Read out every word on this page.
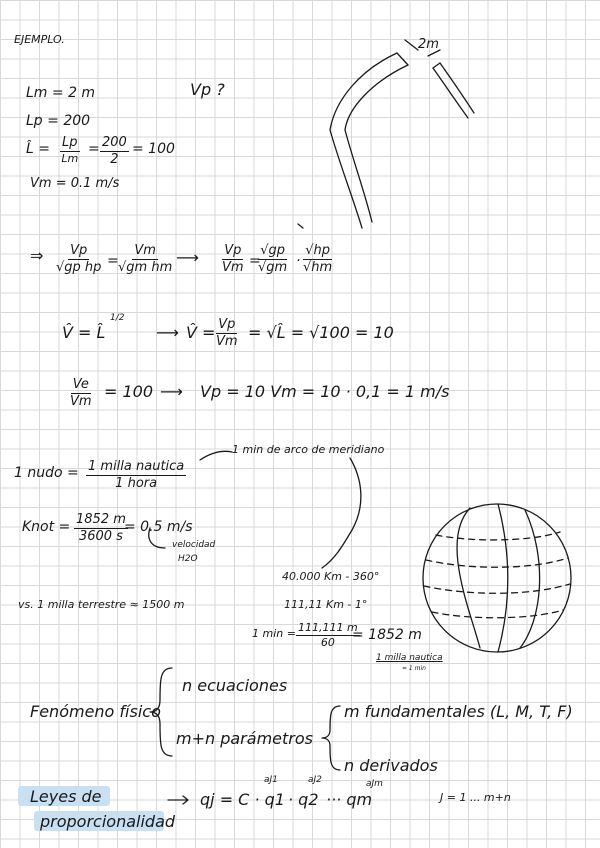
EJEMPLO.
Lm = 2 m
Lp = 200
L̂ = Lp
Lm
= $\frac{200}{2} = 100$
Vm = 0.1 m/s
Vp ?
2m
⇒ $\frac{Vp}{\text{√gp hp}} = \frac{Vm}{\text{√gm hm}}$ ⟶ $\frac{Vp}{Vm}$ =
$\frac{√gp}{√gm} \cdot \frac{√hp}{√hm}$
V̂ = L̂
1/2
⟶ V̂ = $\frac{Vp}{Vm}$ = √L̂ = √100 = 10
$\frac{Ve}{Vm} = 100$ ⟶ Vp = 10 Vm = 10 · 0,1 = 1 m/s
1 min de arco de meridiano
1 nudo = 1 milla nautica
1 hora
Knot = $\frac{1852 m}{3600 s}$
= 0.5 m/s
velocidad
H2O
vs. 1 milla terrestre ≈ 1500 m
40.000 Km - 360°
111,11 Km - 1°
1 $\min = \frac{111,111 m}{60}$
= 1852 m
1 milla nautica
= 1 min
Fenómeno físico
n ecuaciones
m+n parámetros
m fundamentales (L, M, T, F)
n derivados
Leyes de
proporcionalidad
qj = C · q1
aJ1
· q2
aJ2
··· qm
aJm
J = 1 ... m+n
